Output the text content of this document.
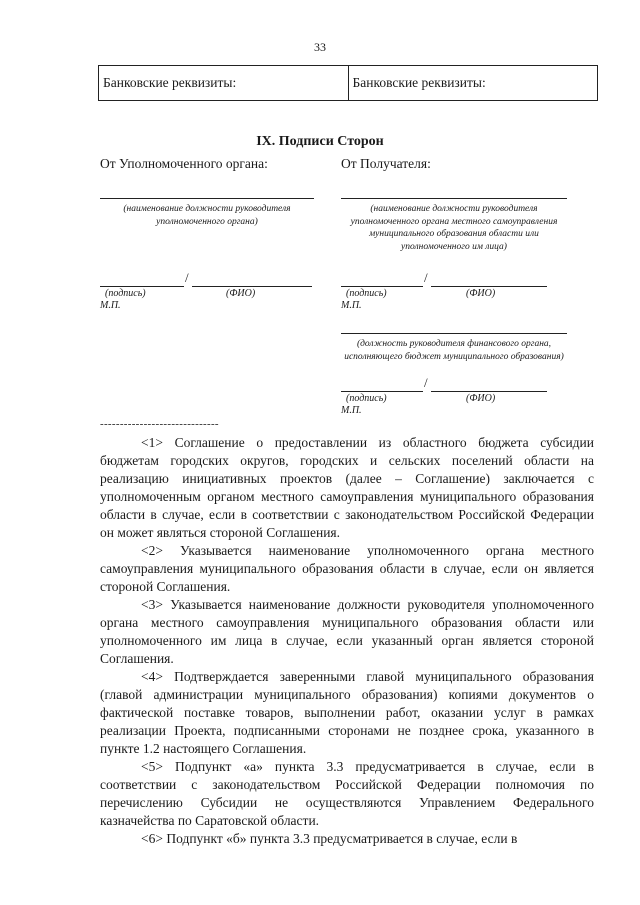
33
Банковские реквизиты:	Банковские реквизиты:
IX. Подписи Сторон
От Уполномоченного органа:
(наименование должности руководителя уполномоченного органа)
/
(подпись)	(ФИО)
М.П.
От Получателя:
(наименование должности руководителя уполномоченного органа местного самоуправления муниципального образования области или уполномоченного им лица)
/
(подпись)	(ФИО)
М.П.
(должность руководителя финансового органа, исполняющего бюджет муниципального образования)
/
(подпись)	(ФИО)
М.П.
------------------------------

<1> Соглашение о предоставлении из областного бюджета субсидии бюджетам городских округов, городских и сельских поселений области на реализацию инициативных проектов (далее – Соглашение) заключается с уполномоченным органом местного самоуправления муниципального образования области в случае, если в соответствии с законодательством Российской Федерации он может являться стороной Соглашения.

<2> Указывается наименование уполномоченного органа местного самоуправления муниципального образования области в случае, если он является стороной Соглашения.

<3> Указывается наименование должности руководителя уполномоченного органа местного самоуправления муниципального образования области или уполномоченного им лица в случае, если указанный орган является стороной Соглашения.

<4> Подтверждается заверенными главой муниципального образования (главой администрации муниципального образования) копиями документов о фактической поставке товаров, выполнении работ, оказании услуг в рамках реализации Проекта, подписанными сторонами не позднее срока, указанного в пункте 1.2 настоящего Соглашения.

<5> Подпункт «а» пункта 3.3 предусматривается в случае, если в соответствии с законодательством Российской Федерации полномочия по перечислению Субсидии не осуществляются Управлением Федерального казначейства по Саратовской области.

<6> Подпункт «б» пункта 3.3 предусматривается в случае, если в
